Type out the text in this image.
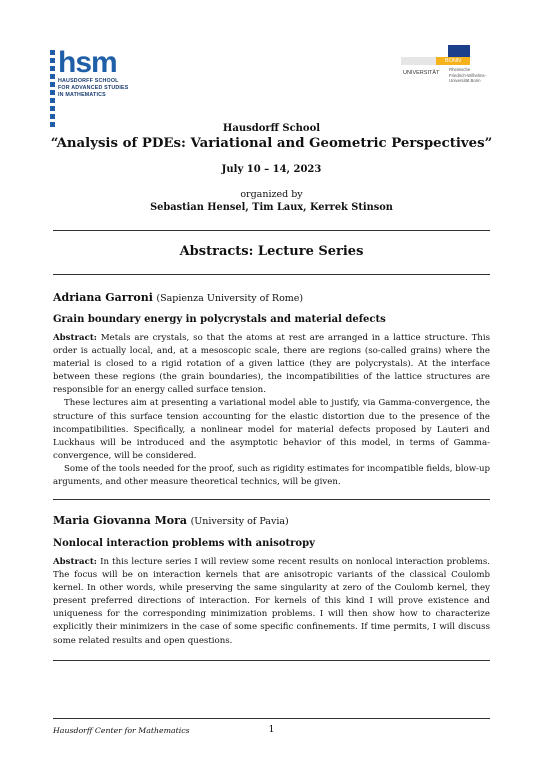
hsm
HAUSDORFF SCHOOL
FOR ADVANCED STUDIES
IN MATHEMATICS
UNIVERSITÄT
BONN
Rheinische
Friedrich-Wilhelms-
Universität Bonn
Hausdorff School
“Analysis of PDEs: Variational and Geometric Perspectives”
July 10 – 14, 2023
organized by
Sebastian Hensel, Tim Laux, Kerrek Stinson
Abstracts: Lecture Series
Adriana Garroni (Sapienza University of Rome)
Grain boundary energy in polycrystals and material defects

Abstract: Metals are crystals, so that the atoms at rest are arranged in a lattice structure. This order is actually local, and, at a mesoscopic scale, there are regions (so-called grains) where the material is closed to a rigid rotation of a given lattice (they are polycrystals). At the interface between these regions (the grain boundaries), the incompatibilities of the lattice structures are responsible for an energy called surface tension.

These lectures aim at presenting a variational model able to justify, via Gamma-convergence, the structure of this surface tension accounting for the elastic distortion due to the presence of the incompatibilities. Specifically, a nonlinear model for material defects proposed by Lauteri and Luckhaus will be introduced and the asymptotic behavior of this model, in terms of Gamma-convergence, will be considered.

Some of the tools needed for the proof, such as rigidity estimates for incompatible fields, blow-up arguments, and other measure theoretical technics, will be given.

Maria Giovanna Mora (University of Pavia)
Nonlocal interaction problems with anisotropy

Abstract: In this lecture series I will review some recent results on nonlocal interaction problems. The focus will be on interaction kernels that are anisotropic variants of the classical Coulomb kernel. In other words, while preserving the same singularity at zero of the Coulomb kernel, they present preferred directions of interaction. For kernels of this kind I will prove existence and uniqueness for the corresponding minimization problems. I will then show how to characterize explicitly their minimizers in the case of some specific confinements. If time permits, I will discuss some related results and open questions.

Hausdorff Center for Mathematics	1
